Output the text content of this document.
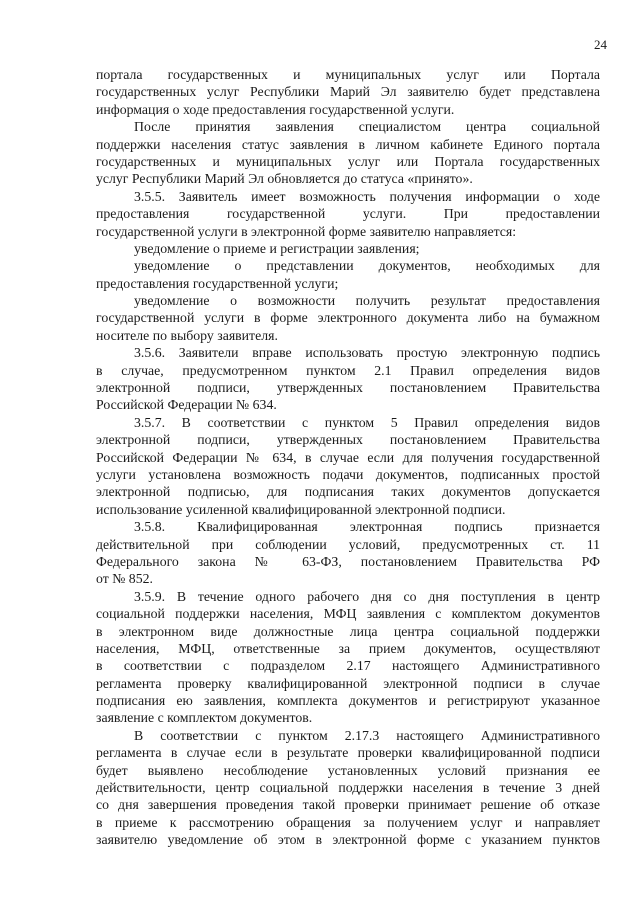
24
портала государственных и муниципальных услуг или Портала
государственных услуг Республики Марий Эл заявителю будет представлена
информация о ходе предоставления государственной услуги.
После принятия заявления специалистом центра социальной
поддержки населения статус заявления в личном кабинете Единого портала
государственных и муниципальных услуг или Портала государственных
услуг Республики Марий Эл обновляется до статуса «принято».
3.5.5. Заявитель имеет возможность получения информации о ходе
предоставления государственной услуги. При предоставлении
государственной услуги в электронной форме заявителю направляется:
уведомление о приеме и регистрации заявления;
уведомление о представлении документов, необходимых для
предоставления государственной услуги;
уведомление о возможности получить результат предоставления
государственной услуги в форме электронного документа либо на бумажном
носителе по выбору заявителя.
3.5.6. Заявители вправе использовать простую электронную подпись
в случае, предусмотренном пунктом 2.1 Правил определения видов
электронной подписи, утвержденных постановлением Правительства
Российской Федерации № 634.
3.5.7. В соответствии с пунктом 5 Правил определения видов
электронной подписи, утвержденных постановлением Правительства
Российской Федерации № 634, в случае если для получения государственной
услуги установлена возможность подачи документов, подписанных простой
электронной подписью, для подписания таких документов допускается
использование усиленной квалифицированной электронной подписи.
3.5.8. Квалифицированная электронная подпись признается
действительной при соблюдении условий, предусмотренных ст. 11
Федерального закона № 63-ФЗ, постановлением Правительства РФ
от № 852.
3.5.9. В течение одного рабочего дня со дня поступления в центр
социальной поддержки населения, МФЦ заявления с комплектом документов
в электронном виде должностные лица центра социальной поддержки
населения, МФЦ, ответственные за прием документов, осуществляют
в соответствии с подразделом 2.17 настоящего Административного
регламента проверку квалифицированной электронной подписи в случае
подписания ею заявления, комплекта документов и регистрируют указанное
заявление с комплектом документов.
В соответствии с пунктом 2.17.3 настоящего Административного
регламента в случае если в результате проверки квалифицированной подписи
будет выявлено несоблюдение установленных условий признания ее
действительности, центр социальной поддержки населения в течение 3 дней
со дня завершения проведения такой проверки принимает решение об отказе
в приеме к рассмотрению обращения за получением услуг и направляет
заявителю уведомление об этом в электронной форме с указанием пунктов
